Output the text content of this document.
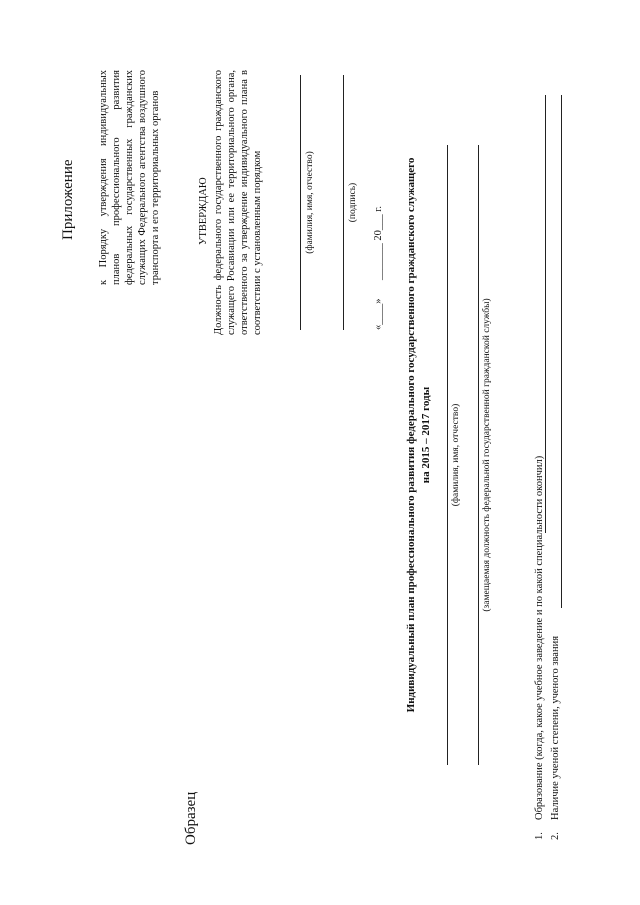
Приложение к Порядку утверждения индивидуальных планов профессионального развития федеральных государственных гражданских служащих Федерального агентства воздушного транспорта и его территориальных органов	УТВЕРЖДАЮ Должность федерального государственного гражданского служащего Росавиации или ее территориального органа, ответственного за утверждение индивидуального плана в соответствии с установленным порядком	(фамилия, имя, отчество)	(подпись)
«____»
_______ 20___ г. Индивидуальный план профессионального развития федерального государственного гражданского служащего на 2015 – 2017 годы (фамилия, имя, отчество) (замещаемая должность федеральной государственной гражданской службы)
Образец	1.
Образование (когда, какое учебное заведение и по какой специальности окончил)
2.
Наличие ученой степени, ученого звания
